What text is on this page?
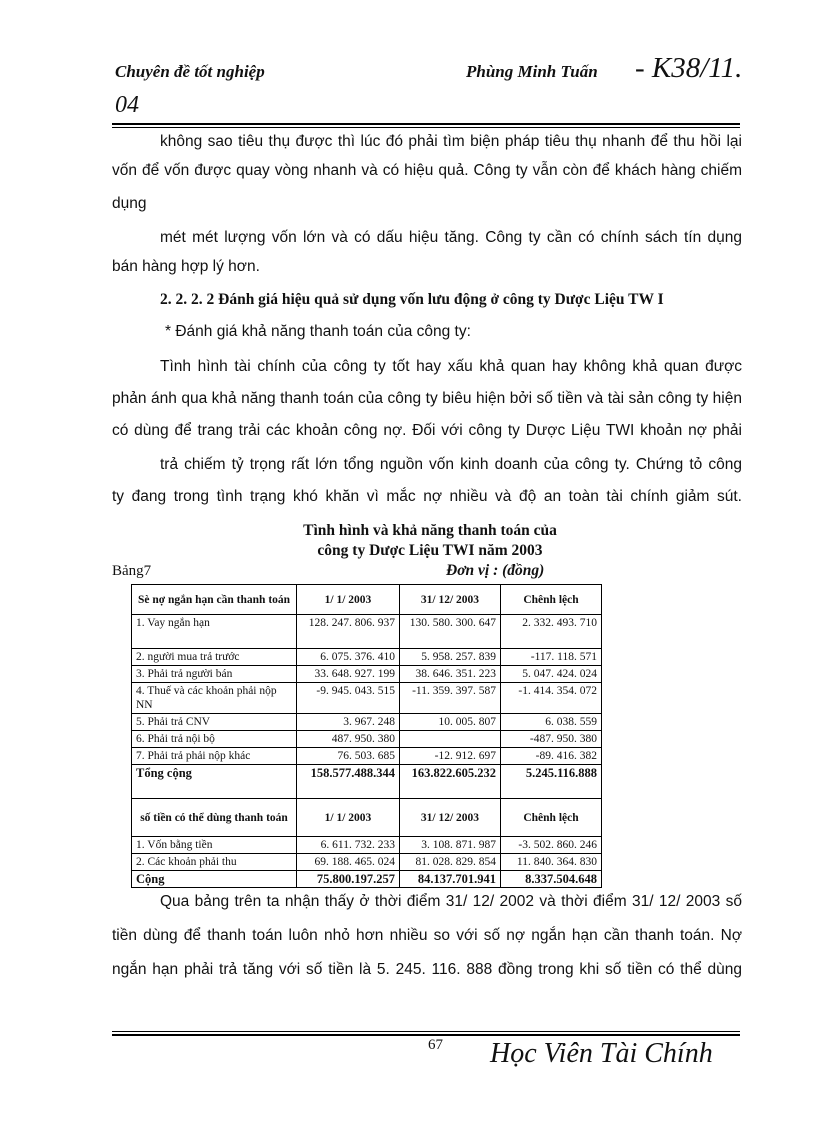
Chuyên đề tốt nghiệp	Phùng Minh Tuấn - K38/11.
04
không sao tiêu thụ được thì lúc đó phải tìm biện pháp tiêu thụ nhanh để thu hồi lại
vốn để vốn được quay vòng nhanh và có hiệu quả. Công ty vẫn còn để khách hàng chiếm
dụng
mét mét lượng vốn lớn và có dấu hiệu tăng. Công ty cần có chính sách tín dụng
bán hàng hợp lý hơn.
2. 2. 2. 2 Đánh giá hiệu quả sử dụng vốn lưu động ở công ty Dược Liệu TW I
* Đánh giá khả năng thanh toán của công ty:
Tình hình tài chính của công ty tốt hay xấu khả quan hay không khả quan được
phản ánh qua khả năng thanh toán của công ty biêu hiện bởi số tiền và tài sản công ty hiện
có dùng để trang trải các khoản công nợ. Đối với công ty Dược Liệu TWI khoản nợ phải
trả chiếm tỷ trọng rất lớn tổng nguồn vốn kinh doanh của công ty. Chứng tỏ công
ty đang trong tình trạng khó khăn vì mắc nợ nhiều và độ an toàn tài chính giảm sút.
Tình hình và khả năng thanh toán của
công ty Dược Liệu TWI năm 2003
Bảng7	Đơn vị : (đồng)
Sè nợ ngắn hạn cần thanh toán	1/ 1/ 2003	31/ 12/ 2003	Chênh lệch
1. Vay ngắn hạn	128. 247. 806. 937	130. 580. 300. 647	2. 332. 493. 710
2. người mua trả trước	6. 075. 376. 410	5. 958. 257. 839	-117. 118. 571
3. Phải trả người bán	33. 648. 927. 199	38. 646. 351. 223	5. 047. 424. 024
4. Thuế và các khoản phải nộp NN	-9. 945. 043. 515	-11. 359. 397. 587	-1. 414. 354. 072
5. Phải trả CNV	3. 967. 248	10. 005. 807	6. 038. 559
6. Phải trả nội bộ	487. 950. 380		-487. 950. 380
7. Phải trả phải nộp khác	76. 503. 685	-12. 912. 697	-89. 416. 382
Tổng cộng	158.577.488.344	163.822.605.232	5.245.116.888
số tiền có thể dùng thanh toán	1/ 1/ 2003	31/ 12/ 2003	Chênh lệch
1. Vốn bằng tiền	6. 611. 732. 233	3. 108. 871. 987	-3. 502. 860. 246
2. Các khoản phải thu	69. 188. 465. 024	81. 028. 829. 854	11. 840. 364. 830
Cộng	75.800.197.257	84.137.701.941	8.337.504.648
Qua bảng trên ta nhận thấy ở thời điểm 31/ 12/ 2002 và thời điểm 31/ 12/ 2003 số
tiền dùng để thanh toán luôn nhỏ hơn nhiều so với số nợ ngắn hạn cần thanh toán. Nợ
ngắn hạn phải trả tăng với số tiền là 5. 245. 116. 888 đồng trong khi số tiền có thể dùng
67 Học Viên Tài Chính
